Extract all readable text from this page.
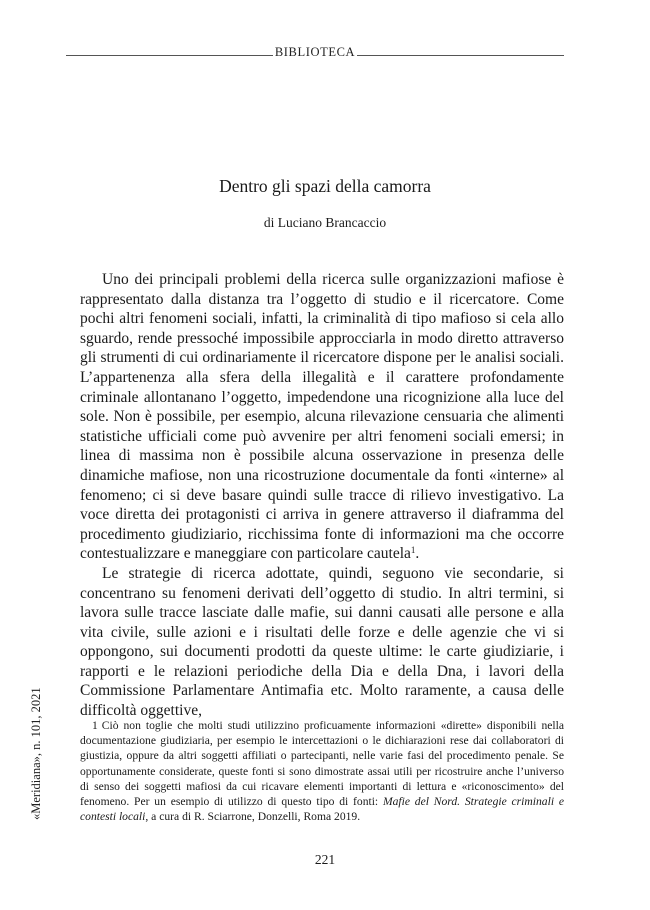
BIBLIOTECA
Dentro gli spazi della camorra
di Luciano Brancaccio

Uno dei principali problemi della ricerca sulle organizzazioni mafiose è rappresentato dalla distanza tra l’oggetto di studio e il ricercatore. Come pochi altri fenomeni sociali, infatti, la criminalità di tipo mafioso si cela allo sguardo, rende pressoché impossibile approcciarla in modo diretto attraverso gli strumenti di cui ordinariamente il ricercatore dispone per le analisi sociali. L’appartenenza alla sfera della illegalità e il carattere profondamente criminale allontanano l’oggetto, impedendone una ricognizione alla luce del sole. Non è possibile, per esempio, alcuna rilevazione censuaria che alimenti statistiche ufficiali come può avvenire per altri fenomeni sociali emersi; in linea di massima non è possibile alcuna osservazione in presenza delle dinamiche mafiose, non una ricostruzione documentale da fonti «interne» al fenomeno; ci si deve basare quindi sulle tracce di rilievo investigativo. La voce diretta dei protagonisti ci arriva in genere attraverso il diaframma del procedimento giudiziario, ricchissima fonte di informazioni ma che occorre contestualizzare e maneggiare con particolare cautela$^1$.

Le strategie di ricerca adottate, quindi, seguono vie secondarie, si concentrano su fenomeni derivati dell’oggetto di studio. In altri termini, si lavora sulle tracce lasciate dalle mafie, sui danni causati alle persone e alla vita civile, sulle azioni e i risultati delle forze e delle agenzie che vi si oppongono, sui documenti prodotti da queste ultime: le carte giudiziarie, i rapporti e le relazioni periodiche della Dia e della Dna, i lavori della Commissione Parlamentare Antimafia etc. Molto raramente, a causa delle difficoltà oggettive,

1 Ciò non toglie che molti studi utilizzino proficuamente informazioni «dirette» disponibili nella documentazione giudiziaria, per esempio le intercettazioni o le dichiarazioni rese dai collaboratori di giustizia, oppure da altri soggetti affiliati o partecipanti, nelle varie fasi del procedimento penale. Se opportunamente considerate, queste fonti si sono dimostrate assai utili per ricostruire anche l’universo di senso dei soggetti mafiosi da cui ricavare elementi importanti di lettura e «riconoscimento» del fenomeno. Per un esempio di utilizzo di questo tipo di fonti: Mafie del Nord. Strategie criminali e contesti locali, a cura di R. Sciarrone, Donzelli, Roma 2019.
«Meridiana», n. 101, 2021
221
